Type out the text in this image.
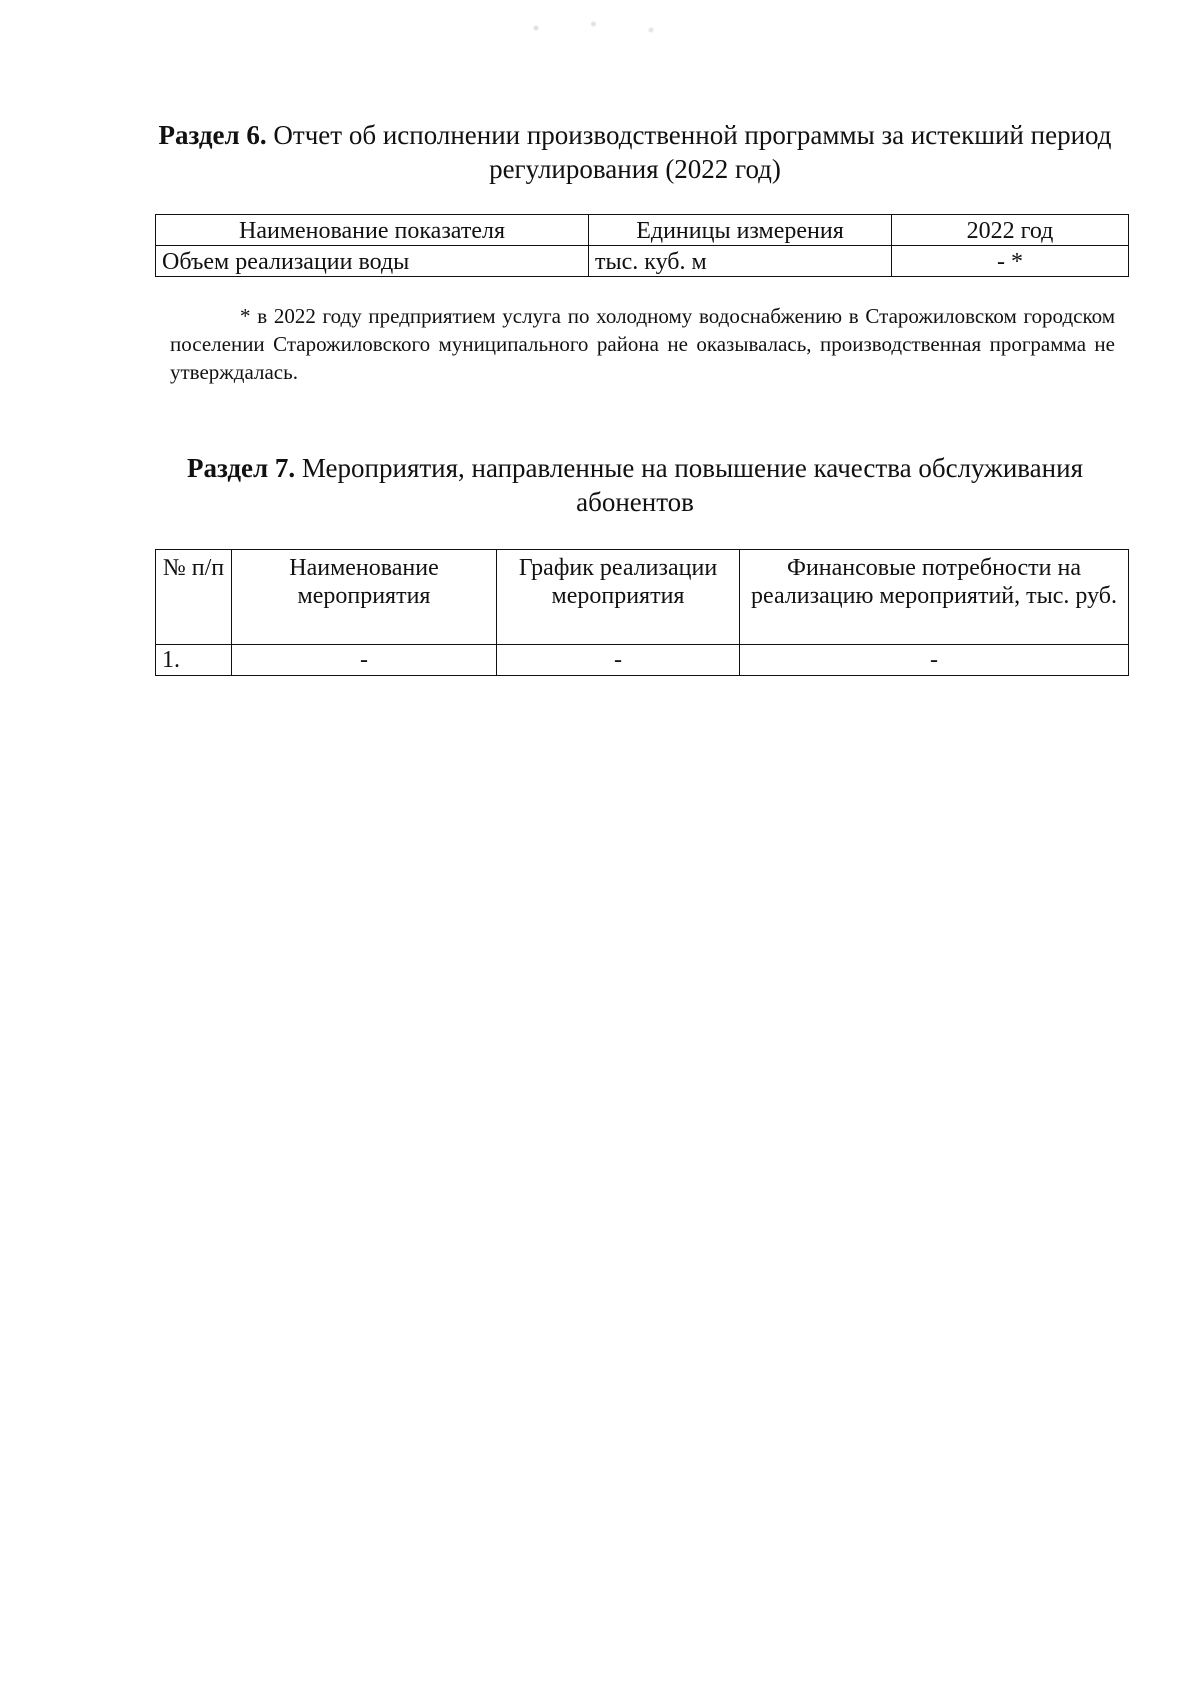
Раздел 6. Отчет об исполнении производственной программы за истекший период регулирования (2022 год)
Наименование показателя	Единицы измерения	2022 год
Объем реализации воды	тыс. куб. м	- *
* в 2022 году предприятием услуга по холодному водоснабжению в Старожиловском городском поселении Старожиловского муниципального района не оказывалась, производственная программа не утверждалась.
Раздел 7. Мероприятия, направленные на повышение качества обслуживания абонентов
№ п/п	Наименование мероприятия	График реализации мероприятия	Финансовые потребности на реализацию мероприятий, тыс. руб.
1.	-	-	-
